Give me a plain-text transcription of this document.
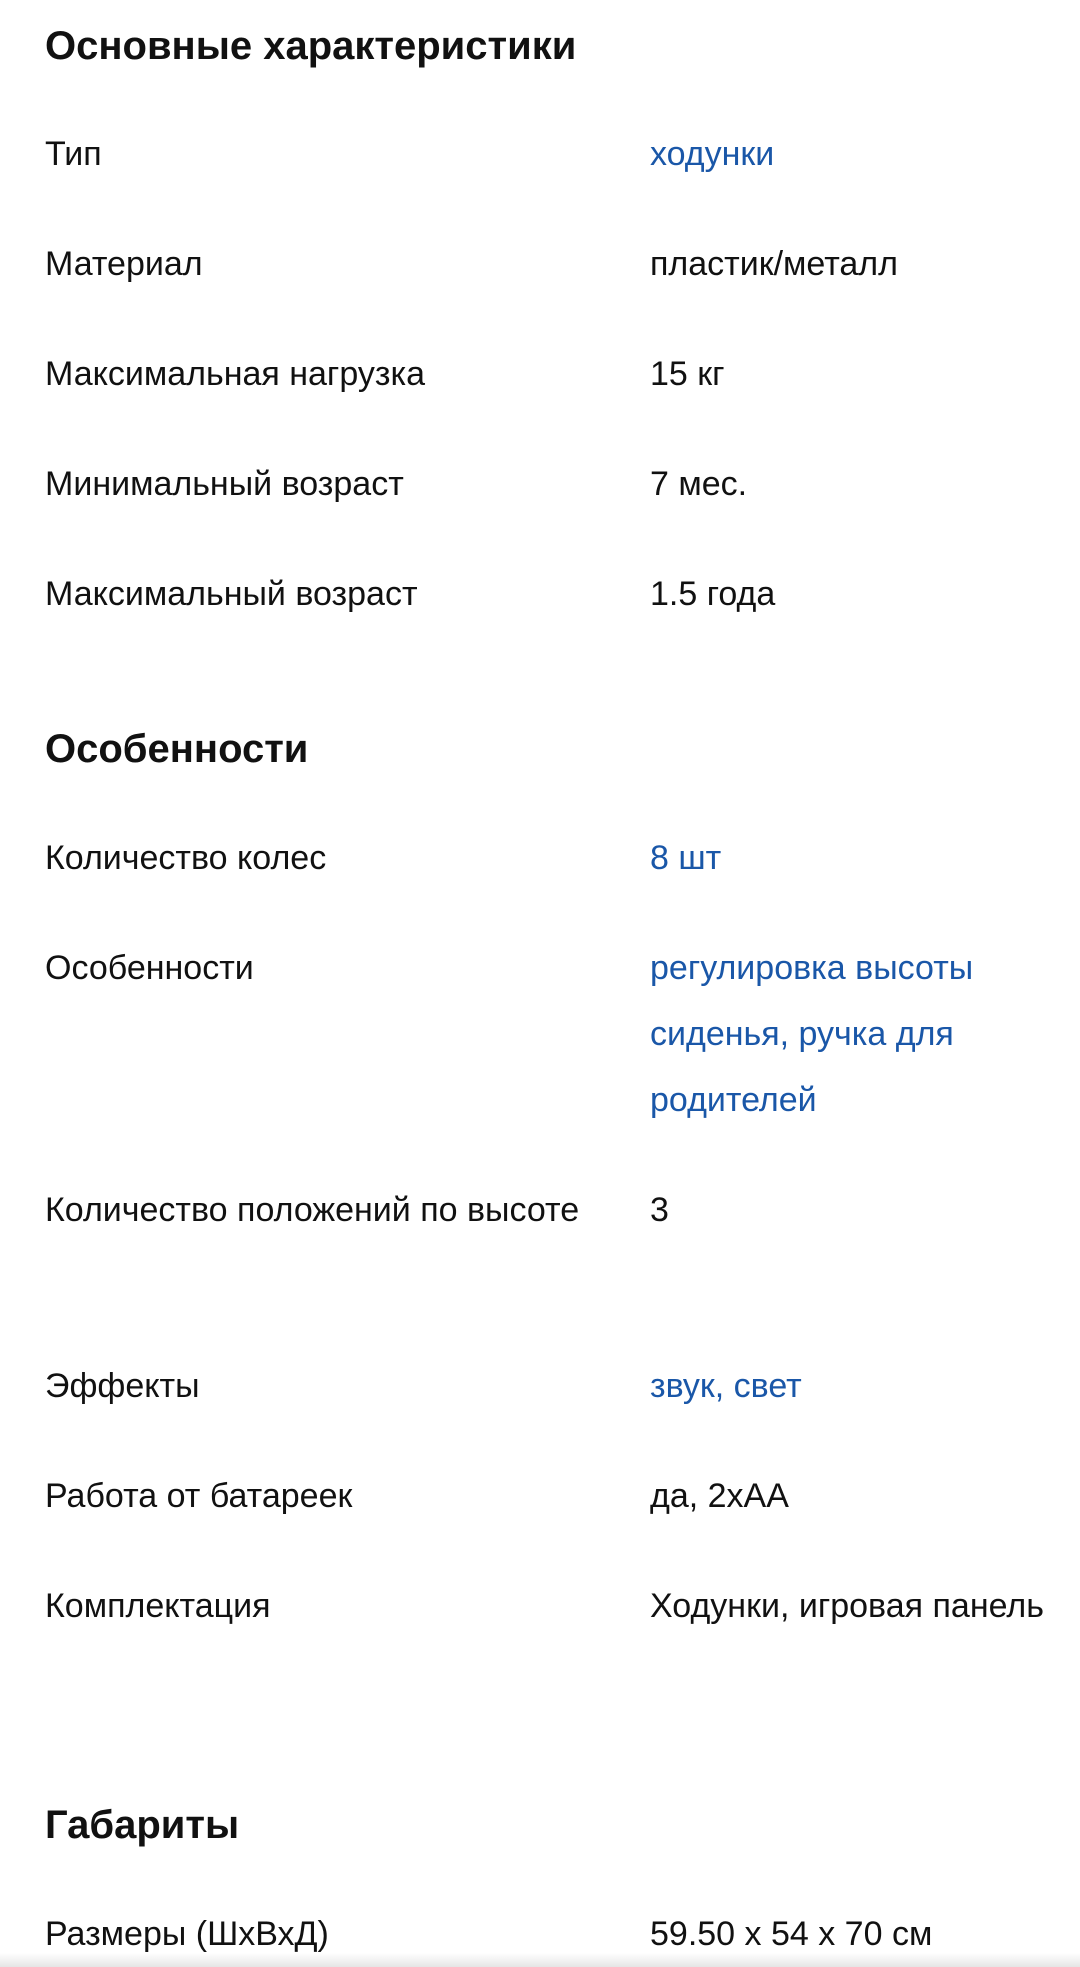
Основные характеристики
Тип	ходунки
Материал	пластик/металл
Максимальная нагрузка	15 кг
Минимальный возраст	7 мес.
Максимальный возраст	1.5 года
Особенности
Количество колес	8 шт
Особенности	регулировка высоты сиденья, ручка для родителей
Количество положений по высоте	3
Эффекты	звук, свет
Работа от батареек	да, 2xAA
Комплектация	Ходунки, игровая панель
Габариты
Размеры (ШхВхД)	59.50 x 54 x 70 см
